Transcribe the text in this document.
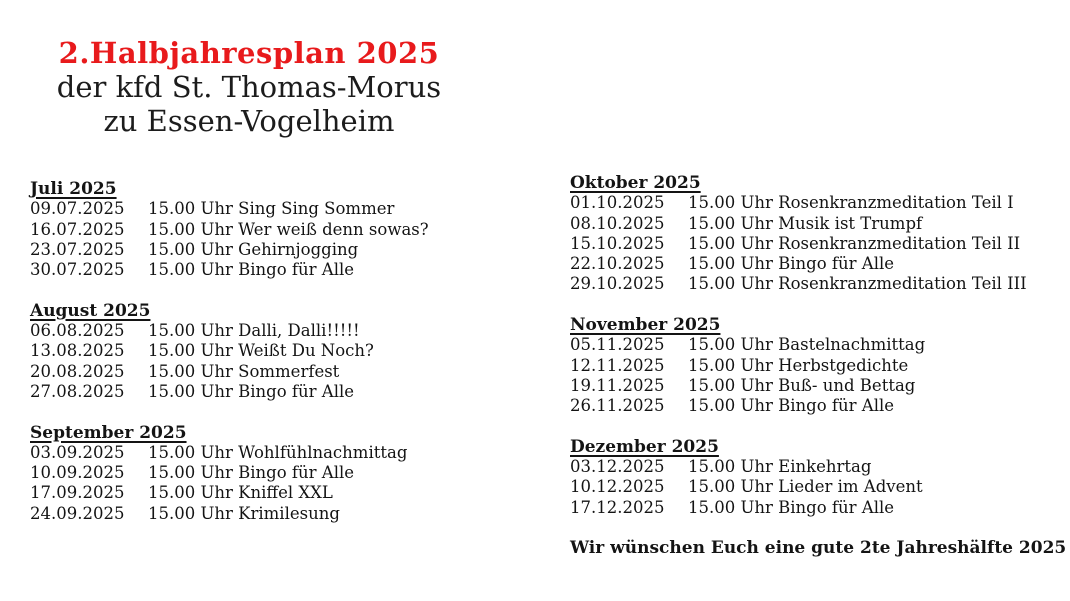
2.Halbjahresplan 2025
der kfd St. Thomas-Morus
zu Essen-Vogelheim
Juli 2025
09.07.2025	15.00 Uhr Sing Sing Sommer
16.07.2025	15.00 Uhr Wer weiß denn sowas?
23.07.2025	15.00 Uhr Gehirnjogging
30.07.2025	15.00 Uhr Bingo für Alle
August 2025
06.08.2025	15.00 Uhr Dalli, Dalli!!!!!
13.08.2025	15.00 Uhr Weißt Du Noch?
20.08.2025	15.00 Uhr Sommerfest
27.08.2025	15.00 Uhr Bingo für Alle
September 2025
03.09.2025	15.00 Uhr Wohlfühlnachmittag
10.09.2025	15.00 Uhr Bingo für Alle
17.09.2025	15.00 Uhr Kniffel XXL
24.09.2025	15.00 Uhr Krimilesung
Oktober 2025
01.10.2025	15.00 Uhr Rosenkranzmeditation Teil I
08.10.2025	15.00 Uhr Musik ist Trumpf
15.10.2025	15.00 Uhr Rosenkranzmeditation Teil II
22.10.2025	15.00 Uhr Bingo für Alle
29.10.2025	15.00 Uhr Rosenkranzmeditation Teil III
November 2025
05.11.2025	15.00 Uhr Bastelnachmittag
12.11.2025	15.00 Uhr Herbstgedichte
19.11.2025	15.00 Uhr Buß- und Bettag
26.11.2025	15.00 Uhr Bingo für Alle
Dezember 2025
03.12.2025	15.00 Uhr Einkehrtag
10.12.2025	15.00 Uhr Lieder im Advent
17.12.2025	15.00 Uhr Bingo für Alle
Wir wünschen Euch eine gute 2te Jahreshälfte 2025
